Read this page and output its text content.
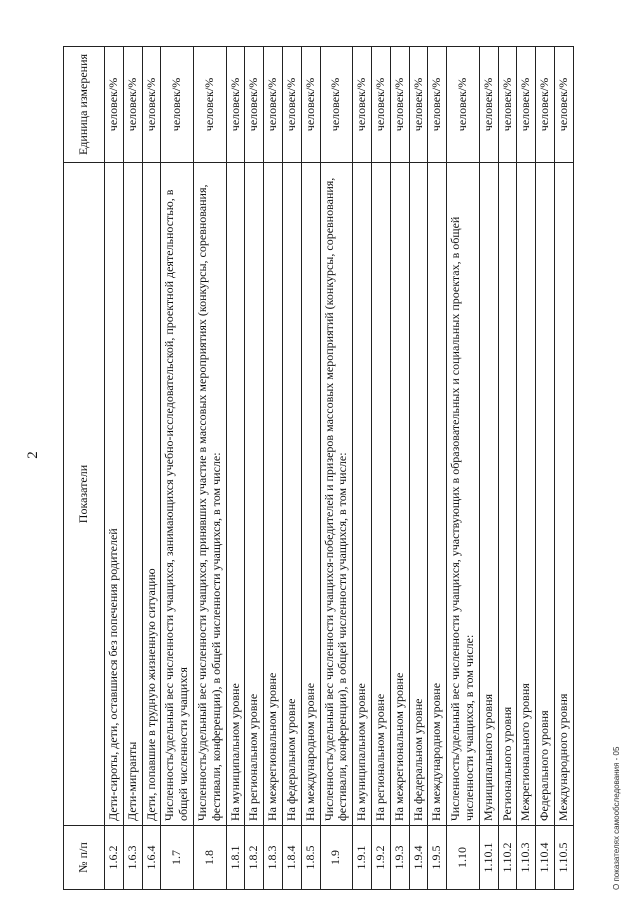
2
№ п/п	Показатели	Единица измерения
1.6.2	Дети-сироты, дети, оставшиеся без попечения родителей	человек/%
1.6.3	Дети-мигранты	человек/%
1.6.4	Дети, попавшие в трудную жизненную ситуацию	человек/%
1.7	Численность/удельный вес численности учащихся, занимающихся учебно-исследовательской, проектной деятельностью, в общей численности учащихся	человек/%
1.8	Численность/удельный вес численности учащихся, принявших участие в массовых мероприятиях (конкурсы, соревнования, фестивали, конференции), в общей численности учащихся, в том числе:	человек/%
1.8.1	На муниципальном уровне	человек/%
1.8.2	На региональном уровне	человек/%
1.8.3	На межрегиональном уровне	человек/%
1.8.4	На федеральном уровне	человек/%
1.8.5	На международном уровне	человек/%
1.9	Численность/удельный вес численности учащихся-победителей и призеров массовых мероприятий (конкурсы, соревнования, фестивали, конференции), в общей численности учащихся, в том числе:	человек/%
1.9.1	На муниципальном уровне	человек/%
1.9.2	На региональном уровне	человек/%
1.9.3	На межрегиональном уровне	человек/%
1.9.4	На федеральном уровне	человек/%
1.9.5	На международном уровне	человек/%
1.10	Численность/удельный вес численности учащихся, участвующих в образовательных и социальных проектах, в общей численности учащихся, в том числе:	человек/%
1.10.1	Муниципального уровня	человек/%
1.10.2	Регионального уровня	человек/%
1.10.3	Межрегионального уровня	человек/%
1.10.4	Федерального уровня	человек/%
1.10.5	Международного уровня	человек/%
О показателях самообследования - 05
